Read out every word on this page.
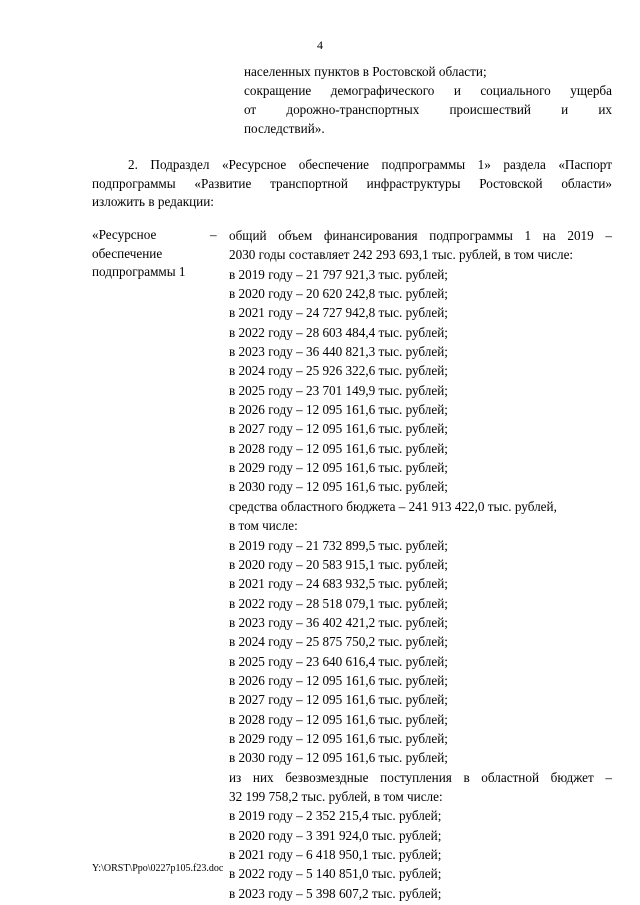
4
населенных пунктов в Ростовской области;
сокращение демографического и социального ущерба
от дорожно-транспортных происшествий и их
последствий».
2. Подраздел «Ресурсное обеспечение подпрограммы 1» раздела «Паспорт
подпрограммы «Развитие транспортной инфраструктуры Ростовской области»
изложить в редакции:
«Ресурсное
обеспечение
подпрограммы 1
– общий объем финансирования подпрограммы 1 на 2019 –
2030 годы составляет 242 293 693,1 тыс. рублей, в том числе:
в 2019 году – 21 797 921,3 тыс. рублей;
в 2020 году – 20 620 242,8 тыс. рублей;
в 2021 году – 24 727 942,8 тыс. рублей;
в 2022 году – 28 603 484,4 тыс. рублей;
в 2023 году – 36 440 821,3 тыс. рублей;
в 2024 году – 25 926 322,6 тыс. рублей;
в 2025 году – 23 701 149,9 тыс. рублей;
в 2026 году – 12 095 161,6 тыс. рублей;
в 2027 году – 12 095 161,6 тыс. рублей;
в 2028 году – 12 095 161,6 тыс. рублей;
в 2029 году – 12 095 161,6 тыс. рублей;
в 2030 году – 12 095 161,6 тыс. рублей;
средства областного бюджета – 241 913 422,0 тыс. рублей,
в том числе:
в 2019 году – 21 732 899,5 тыс. рублей;
в 2020 году – 20 583 915,1 тыс. рублей;
в 2021 году – 24 683 932,5 тыс. рублей;
в 2022 году – 28 518 079,1 тыс. рублей;
в 2023 году – 36 402 421,2 тыс. рублей;
в 2024 году – 25 875 750,2 тыс. рублей;
в 2025 году – 23 640 616,4 тыс. рублей;
в 2026 году – 12 095 161,6 тыс. рублей;
в 2027 году – 12 095 161,6 тыс. рублей;
в 2028 году – 12 095 161,6 тыс. рублей;
в 2029 году – 12 095 161,6 тыс. рублей;
в 2030 году – 12 095 161,6 тыс. рублей;
из них безвозмездные поступления в областной бюджет –
32 199 758,2 тыс. рублей, в том числе:
в 2019 году – 2 352 215,4 тыс. рублей;
в 2020 году – 3 391 924,0 тыс. рублей;
в 2021 году – 6 418 950,1 тыс. рублей;
в 2022 году – 5 140 851,0 тыс. рублей;
в 2023 году – 5 398 607,2 тыс. рублей;
Y:\ORST\Ppo\0227p105.f23.doc
